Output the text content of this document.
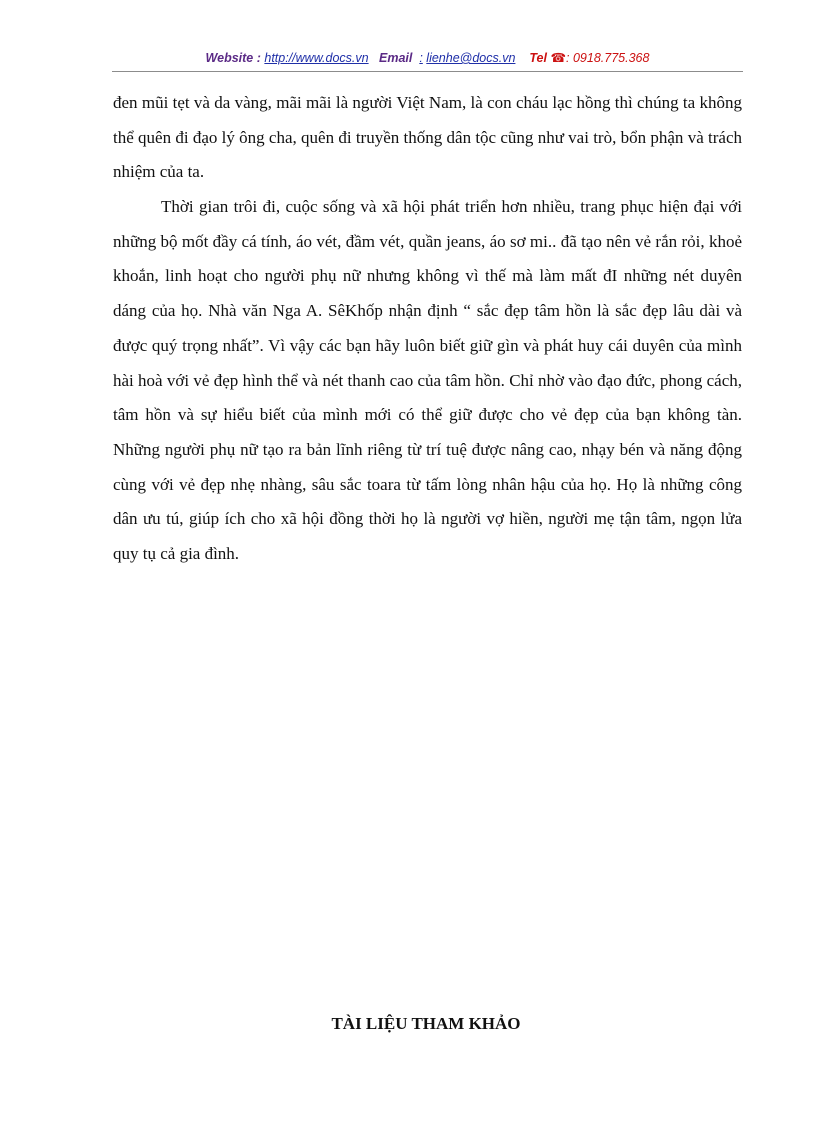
Website : http://www.docs.vn Email : lienhe@docs.vn Tel ☎: 0918.775.368

đen mũi tẹt và da vàng, mãi mãi là người Việt Nam, là con cháu lạc hồng thì chúng ta không thể quên đi đạo lý ông cha, quên đi truyền thống dân tộc cũng như vai trò, bổn phận và trách nhiệm của ta.

Thời gian trôi đi, cuộc sống và xã hội phát triển hơn nhiều, trang phục hiện đại với những bộ mốt đầy cá tính, áo vét, đầm vét, quần jeans, áo sơ mi.. đã tạo nên vẻ rắn rỏi, khoẻ khoắn, linh hoạt cho người phụ nữ nhưng không vì thế mà làm mất đI những nét duyên dáng của họ. Nhà văn Nga A. SêKhốp nhận định “ sắc đẹp tâm hồn là sắc đẹp lâu dài và được quý trọng nhất”. Vì vậy các bạn hãy luôn biết giữ gìn và phát huy cái duyên của mình hài hoà với vẻ đẹp hình thể và nét thanh cao của tâm hồn. Chỉ nhờ vào đạo đức, phong cách, tâm hồn và sự hiểu biết của mình mới có thể giữ được cho vẻ đẹp của bạn không tàn. Những người phụ nữ tạo ra bản lĩnh riêng từ trí tuệ được nâng cao, nhạy bén và năng động cùng với vẻ đẹp nhẹ nhàng, sâu sắc toara từ tấm lòng nhân hậu của họ. Họ là những công dân ưu tú, giúp ích cho xã hội đồng thời họ là người vợ hiền, người mẹ tận tâm, ngọn lửa quy tụ cả gia đình.

TÀI LIỆU THAM KHẢO
